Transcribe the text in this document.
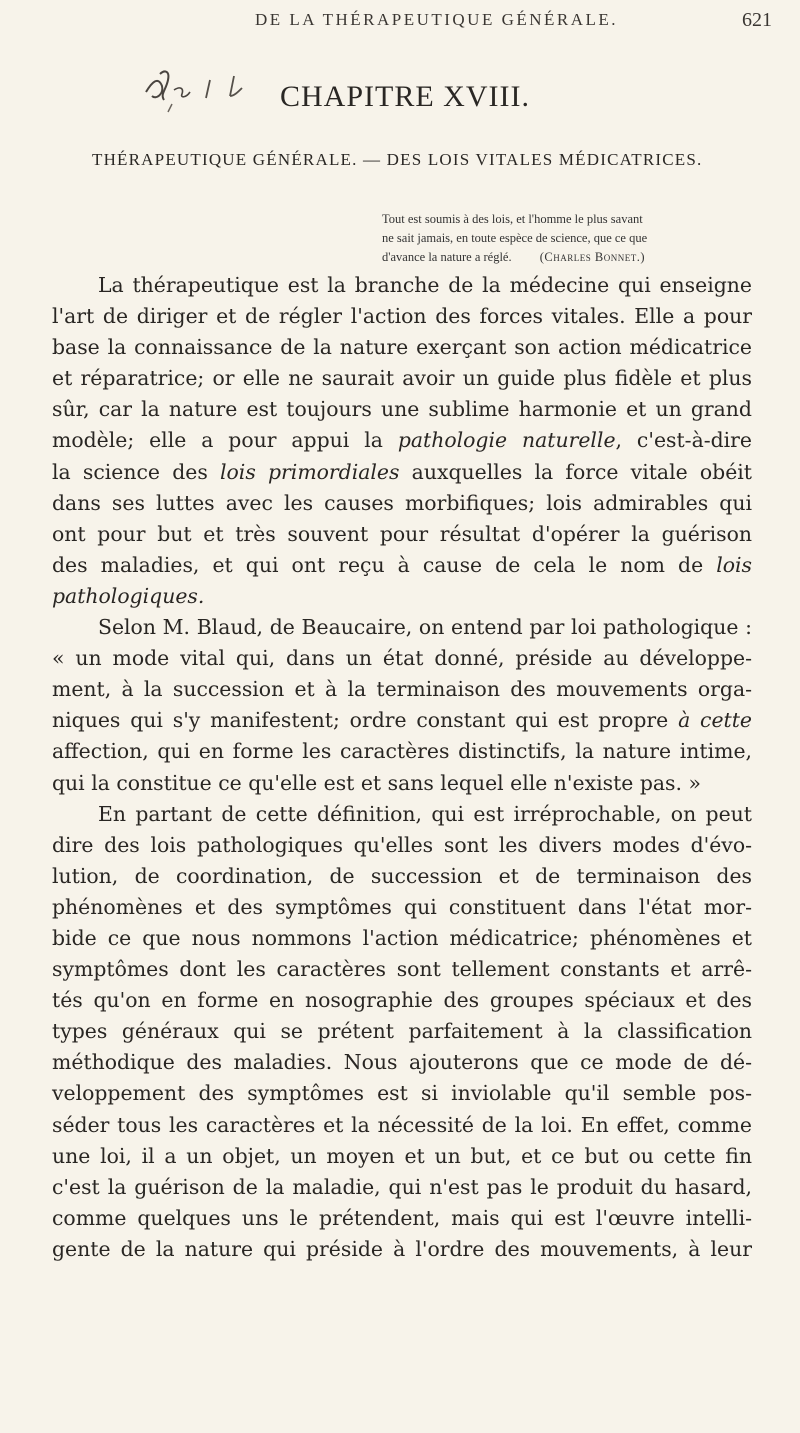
DE LA THÉRAPEUTIQUE GÉNÉRALE.	621
CHAPITRE XVIII.
THÉRAPEUTIQUE GÉNÉRALE. — DES LOIS VITALES MÉDICATRICES.
Tout est soumis à des lois, et l'homme le plus savant
ne sait jamais, en toute espèce de science, que ce que
d'avance la nature a réglé. (Charles Bonnet.)
La thérapeutique est la branche de la médecine qui enseigne
l'art de diriger et de régler l'action des forces vitales. Elle a pour
base la connaissance de la nature exerçant son action médicatrice
et réparatrice; or elle ne saurait avoir un guide plus fidèle et plus
sûr, car la nature est toujours une sublime harmonie et un grand
modèle; elle a pour appui la pathologie naturelle, c'est-à-dire
la science des lois primordiales auxquelles la force vitale obéit
dans ses luttes avec les causes morbifiques; lois admirables qui
ont pour but et très souvent pour résultat d'opérer la guérison
des maladies, et qui ont reçu à cause de cela le nom de lois
pathologiques.
Selon M. Blaud, de Beaucaire, on entend par loi pathologique :
« un mode vital qui, dans un état donné, préside au développe-
ment, à la succession et à la terminaison des mouvements orga-
niques qui s'y manifestent; ordre constant qui est propre à cette
affection, qui en forme les caractères distinctifs, la nature intime,
qui la constitue ce qu'elle est et sans lequel elle n'existe pas. »
En partant de cette définition, qui est irréprochable, on peut
dire des lois pathologiques qu'elles sont les divers modes d'évo-
lution, de coordination, de succession et de terminaison des
phénomènes et des symptômes qui constituent dans l'état mor-
bide ce que nous nommons l'action médicatrice; phénomènes et
symptômes dont les caractères sont tellement constants et arrê-
tés qu'on en forme en nosographie des groupes spéciaux et des
types généraux qui se prétent parfaitement à la classification
méthodique des maladies. Nous ajouterons que ce mode de dé-
veloppement des symptômes est si inviolable qu'il semble pos-
séder tous les caractères et la nécessité de la loi. En effet, comme
une loi, il a un objet, un moyen et un but, et ce but ou cette fin
c'est la guérison de la maladie, qui n'est pas le produit du hasard,
comme quelques uns le prétendent, mais qui est l'œuvre intelli-
gente de la nature qui préside à l'ordre des mouvements, à leur
